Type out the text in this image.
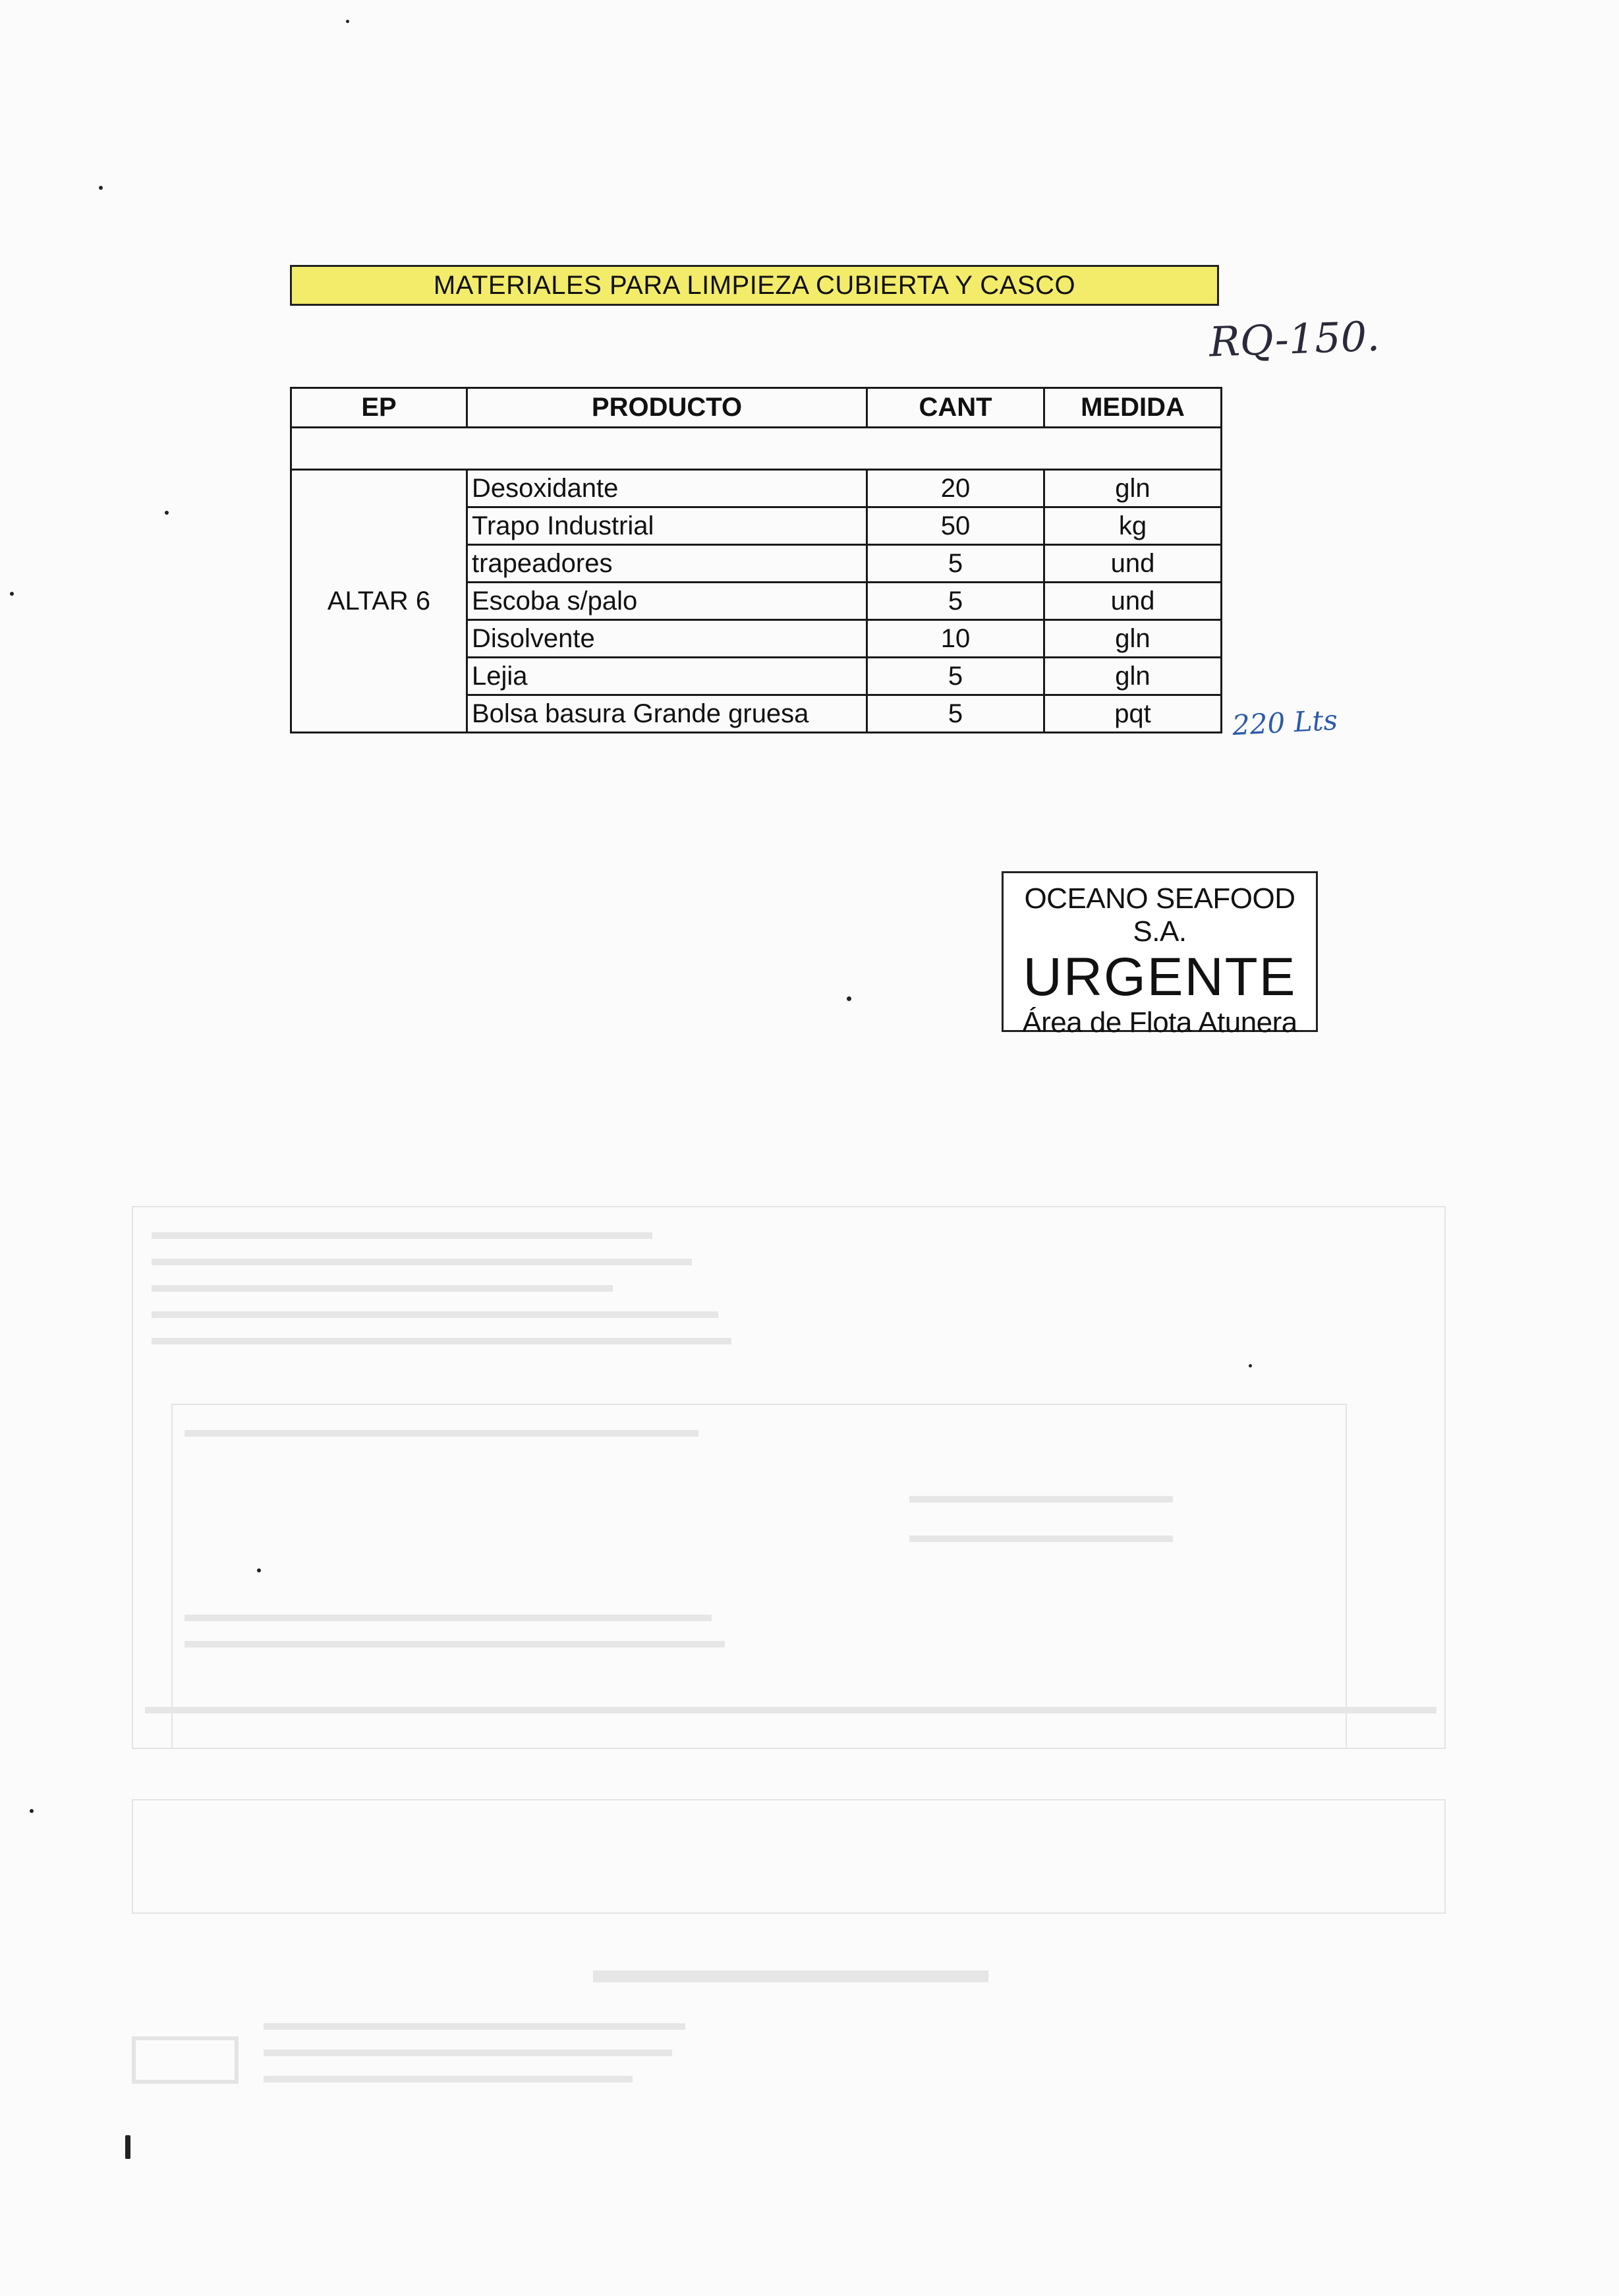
MATERIALES PARA LIMPIEZA CUBIERTA Y CASCO
RQ-150.
EP	PRODUCTO	CANT	MEDIDA

ALTAR 6	Desoxidante	20	gln
	Trapo Industrial	50	kg
	trapeadores	5	und
	Escoba s/palo	5	und
	Disolvente	10	gln
	Lejia	5	gln
	Bolsa basura Grande gruesa	5	pqt	220 Lts
OCEANO SEAFOOD S.A.
URGENTE
Área de Flota Atunera
